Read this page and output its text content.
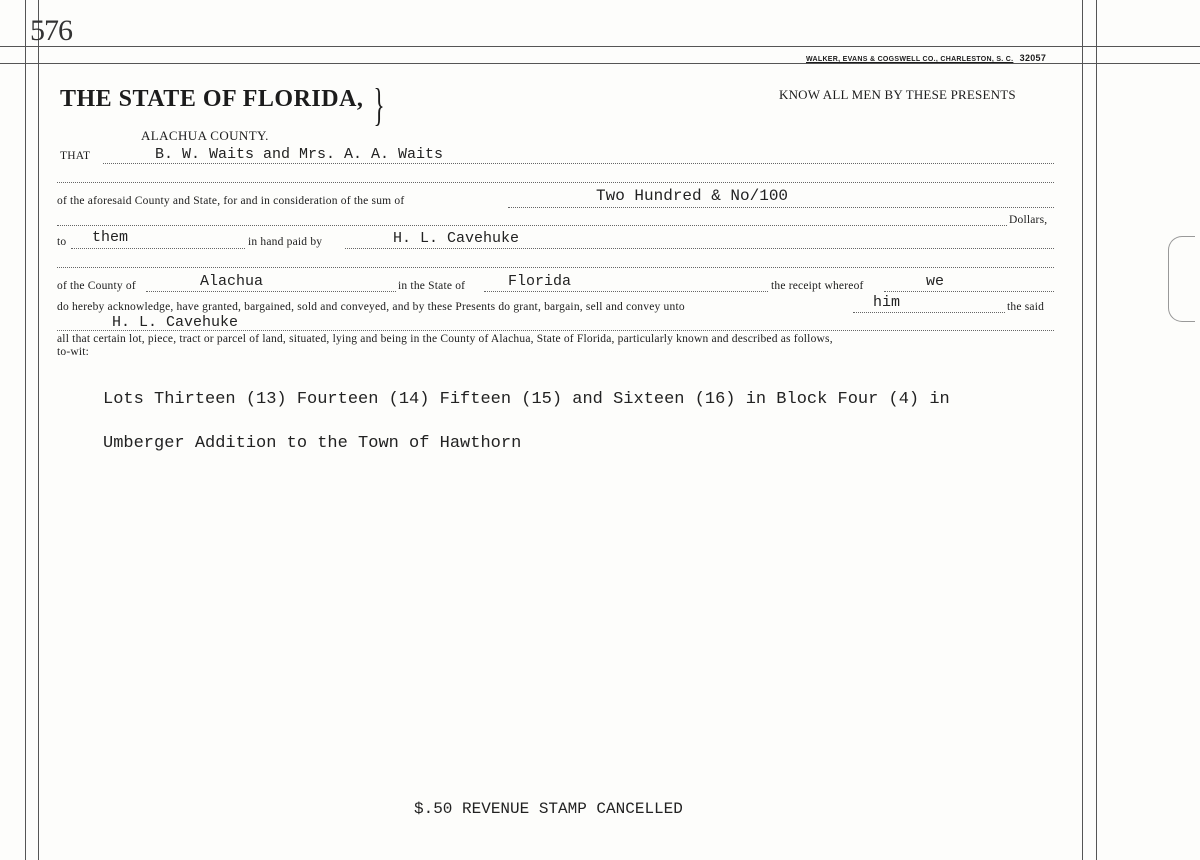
576
WALKER, EVANS & COGSWELL CO., CHARLESTON, S. C. 32057
THE STATE OF FLORIDA, }
ALACHUA COUNTY.
KNOW ALL MEN BY THESE PRESENTS
THAT	B. W. Waits and Mrs. A. A. Waits
of the aforesaid County and State, for and in consideration of the sum of	Two Hundred & No/100
Dollars,
to them	in hand paid by	H. L. Cavehuke
of the County of	Alachua	in the State of	Florida	the receipt whereof	we
do hereby acknowledge, have granted, bargained, sold and conveyed, and by these Presents do grant, bargain, sell and convey unto	him	the said
H. L. Cavehuke
all that certain lot, piece, tract or parcel of land, situated, lying and being in the County of Alachua, State of Florida, particularly known and described as follows,
to-wit:
Lots Thirteen (13) Fourteen (14) Fifteen (15) and Sixteen (16) in Block Four (4) in
Umberger Addition to the Town of Hawthorn
$.50 REVENUE STAMP CANCELLED
